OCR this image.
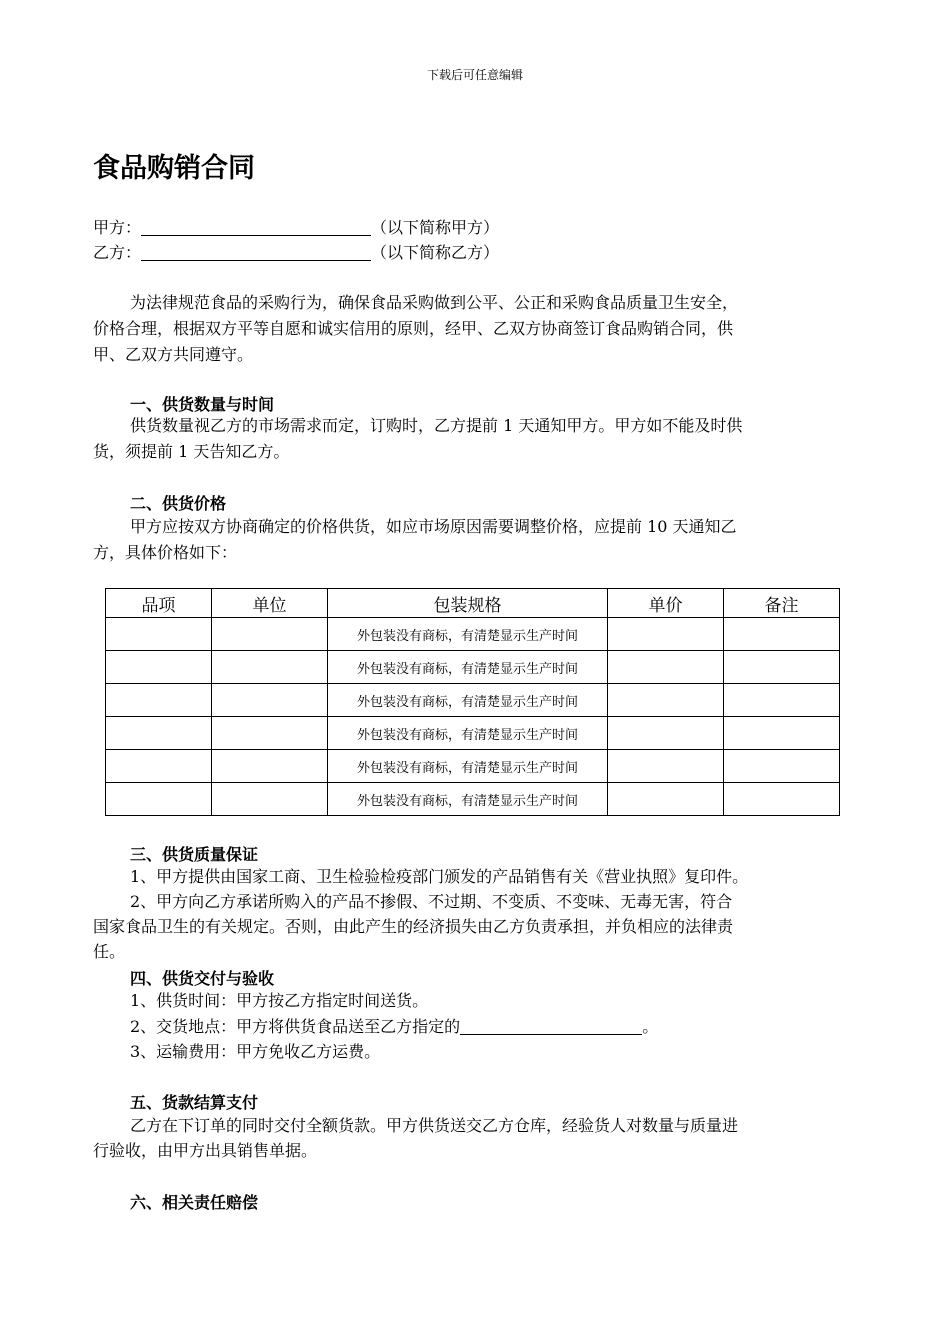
下载后可任意编辑
食品购销合同
甲方：	（以下简称甲方）
乙方：	（以下简称乙方）
为法律规范食品的采购行为，确保食品采购做到公平、公正和采购食品质量卫生安全，
价格合理，根据双方平等自愿和诚实信用的原则，经甲、乙双方协商签订食品购销合同，供
甲、乙双方共同遵守。
一、供货数量与时间
供货数量视乙方的市场需求而定，订购时，乙方提前 1 天通知甲方。甲方如不能及时供
货，须提前 1 天告知乙方。
二、供货价格
甲方应按双方协商确定的价格供货，如应市场原因需要调整价格，应提前 10 天通知乙
方，具体价格如下：
品项	单位	包装规格	单价	备注
		外包装没有商标，有清楚显示生产时间		
		外包装没有商标，有清楚显示生产时间		
		外包装没有商标，有清楚显示生产时间		
		外包装没有商标，有清楚显示生产时间		
		外包装没有商标，有清楚显示生产时间		
		外包装没有商标，有清楚显示生产时间		
三、供货质量保证
1、甲方提供由国家工商、卫生检验检疫部门颁发的产品销售有关《营业执照》复印件。
2、甲方向乙方承诺所购入的产品不掺假、不过期、不变质、不变味、无毒无害，符合
国家食品卫生的有关规定。否则，由此产生的经济损失由乙方负责承担，并负相应的法律责
任。
四、供货交付与验收
1、供货时间：甲方按乙方指定时间送货。
2、交货地点：甲方将供货食品送至乙方指定的	。
3、运输费用：甲方免收乙方运费。
五、货款结算支付
乙方在下订单的同时交付全额货款。甲方供货送交乙方仓库，经验货人对数量与质量进
行验收，由甲方出具销售单据。
六、相关责任赔偿
